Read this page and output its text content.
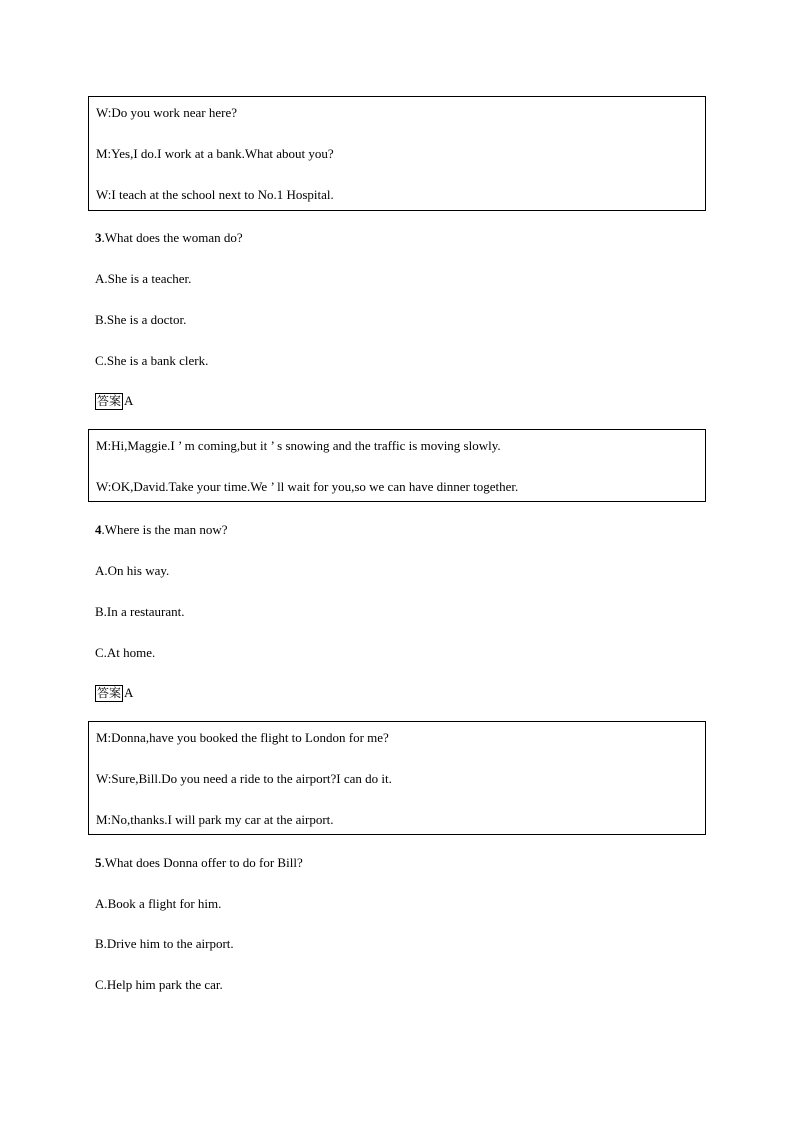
W:Do you work near here?
M:Yes,I do.I work at a bank.What about you?
W:I teach at the school next to No.1 Hospital.
3.What does the woman do?
A.She is a teacher.
B.She is a doctor.
C.She is a bank clerk.
答案 A
M:Hi,Maggie.I ’ m coming,but it ’ s snowing and the traffic is moving slowly.
W:OK,David.Take your time.We ’ ll wait for you,so we can have dinner together.
4.Where is the man now?
A.On his way.
B.In a restaurant.
C.At home.
答案 A
M:Donna,have you booked the flight to London for me?
W:Sure,Bill.Do you need a ride to the airport?I can do it.
M:No,thanks.I will park my car at the airport.
5.What does Donna offer to do for Bill?
A.Book a flight for him.
B.Drive him to the airport.
C.Help him park the car.
